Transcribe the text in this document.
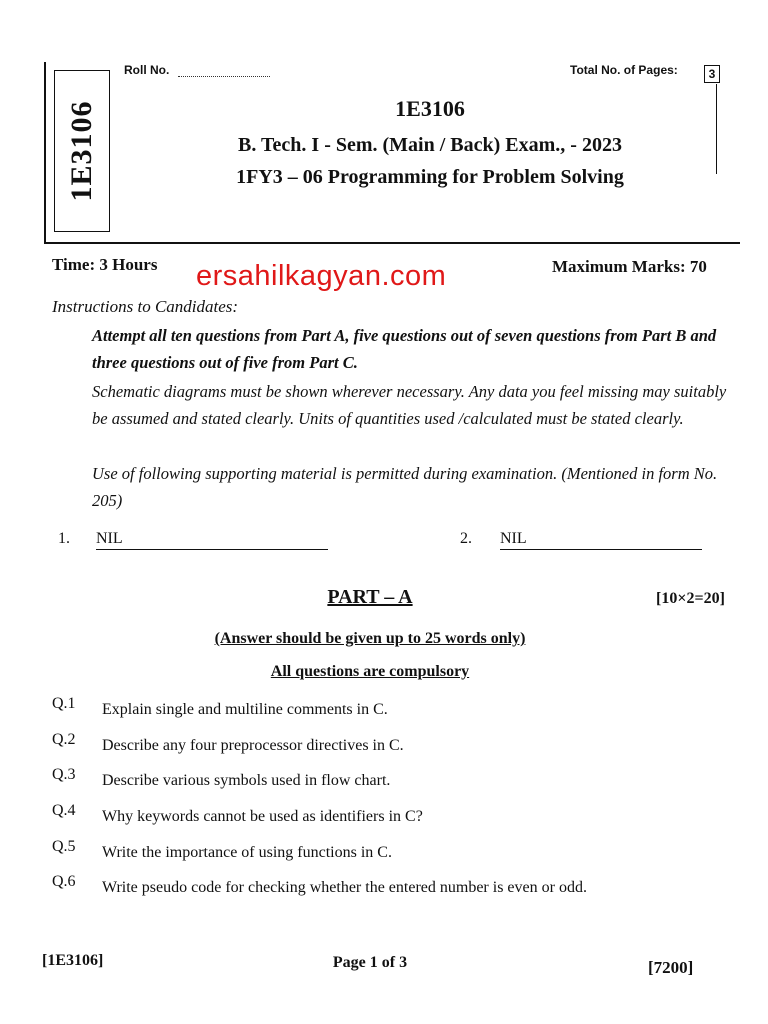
1E3106
Roll No.	Total No. of Pages:	3
1E3106
B. Tech. I - Sem. (Main / Back) Exam., - 2023
1FY3 – 06 Programming for Problem Solving
Time: 3 Hours ersahilkagyan.com	Maximum Marks: 70
Instructions to Candidates:
Attempt all ten questions from Part A, five questions out of seven questions from Part B and three questions out of five from Part C.
Schematic diagrams must be shown wherever necessary. Any data you feel missing may suitably be assumed and stated clearly. Units of quantities used /calculated must be stated clearly.
Use of following supporting material is permitted during examination. (Mentioned in form No. 205)
1. NIL	2. NIL
PART – A	[10×2=20]
(Answer should be given up to 25 words only)
All questions are compulsory
Q.1 Explain single and multiline comments in C.
Q.2 Describe any four preprocessor directives in C.
Q.3 Describe various symbols used in flow chart.
Q.4 Why keywords cannot be used as identifiers in C?
Q.5 Write the importance of using functions in C.
Q.6 Write pseudo code for checking whether the entered number is even or odd.
[1E3106]	Page 1 of 3	[7200]
